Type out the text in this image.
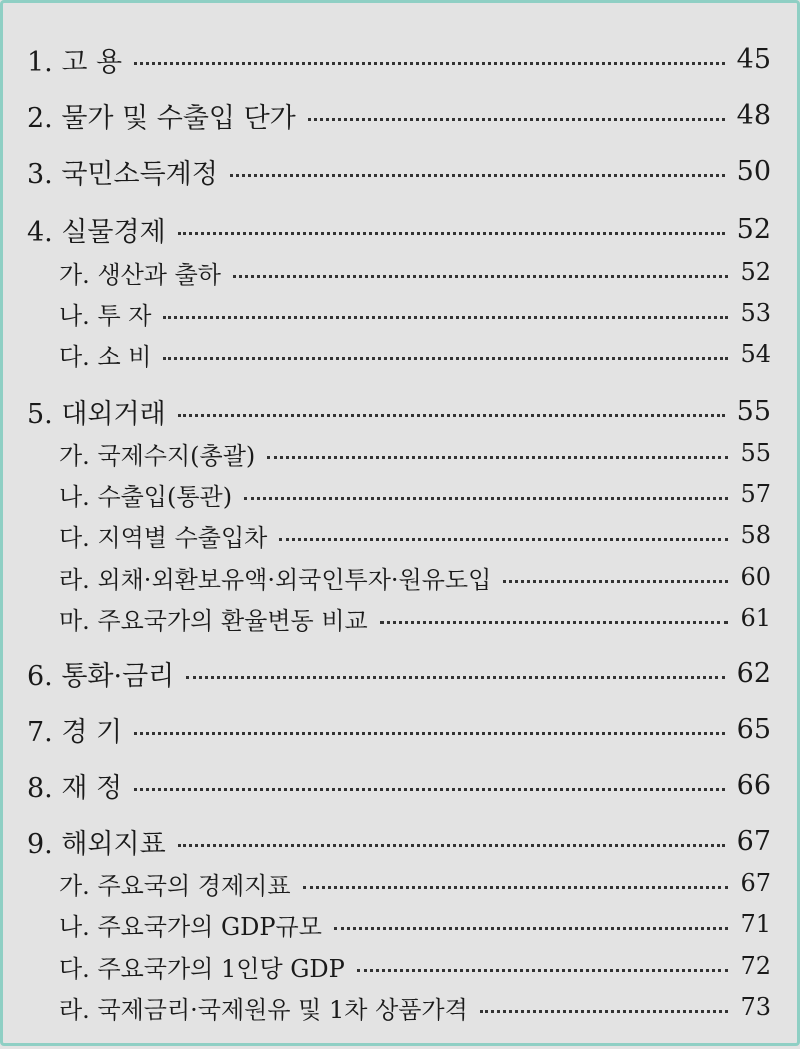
1. 고 용	45
2. 물가 및 수출입 단가	48
3. 국민소득계정	50
4. 실물경제	52
가. 생산과 출하	52
나. 투 자	53
다. 소 비	54
5. 대외거래	55
가. 국제수지(총괄)	55
나. 수출입(통관)	57
다. 지역별 수출입차	58
라. 외채·외환보유액·외국인투자·원유도입	60
마. 주요국가의 환율변동 비교	61
6. 통화·금리	62
7. 경 기	65
8. 재 정	66
9. 해외지표	67
가. 주요국의 경제지표	67
나. 주요국가의 GDP규모	71
다. 주요국가의 1인당 GDP	72
라. 국제금리·국제원유 및 1차 상품가격	73
